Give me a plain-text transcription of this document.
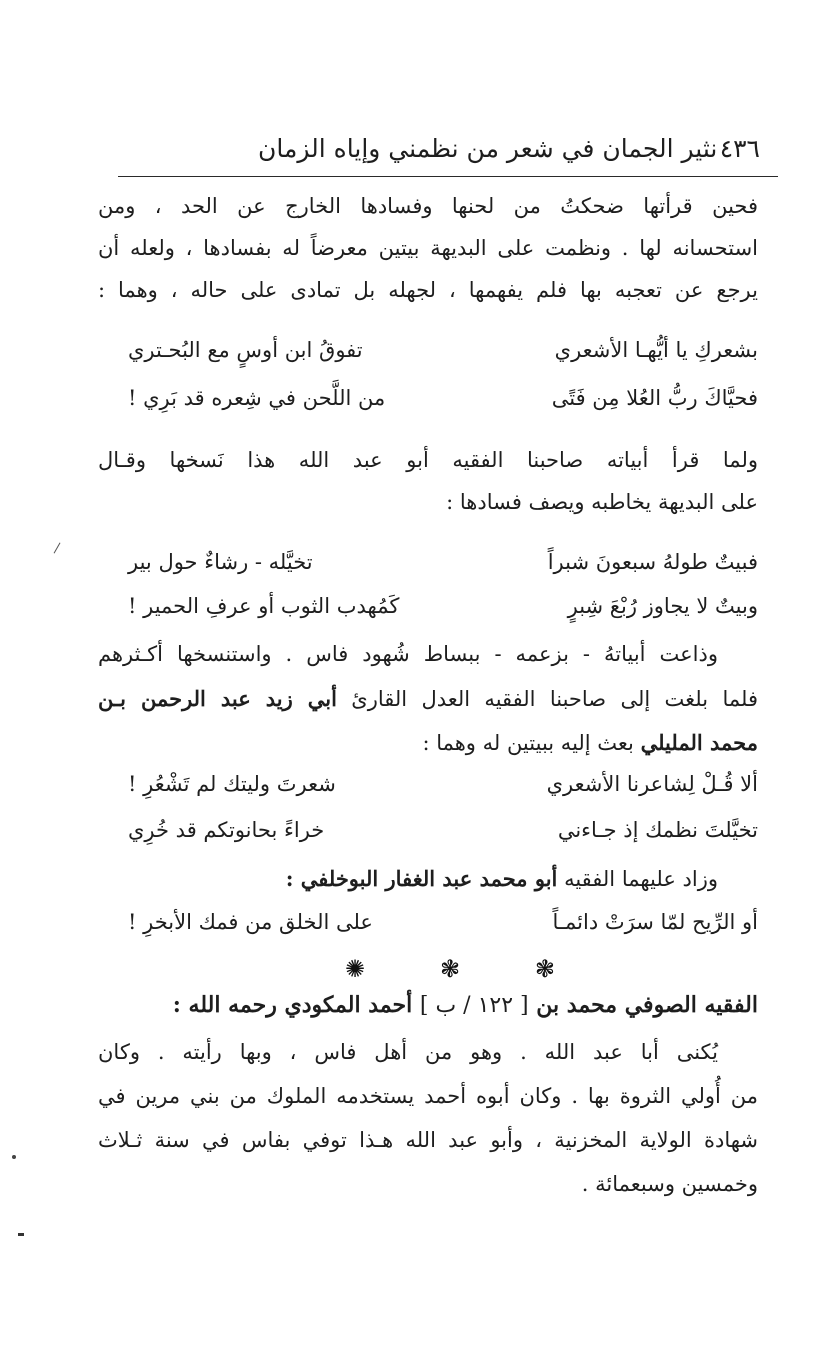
٤٣٦
نثير الجمان في شعر من نظمني وإياه الزمان
فحين قرأتها ضحكتُ من لحنها وفسادها الخارج عن الحد ، ومن
استحسانه لها . ونظمت على البديهة بيتين معرضاً له بفسادها ، ولعله أن
يرجع عن تعجبه بها فلم يفهمها ، لجهله بل تمادى على حاله ، وهما :
بشعركِ يا أيُّهـا الأشعري
تفوقُ ابن أوسٍ مع البُحـتري
فحيَّاكَ ربُّ العُلا مِن فَتًى
من اللَّحن في شِعره قد بَرِي !
ولما قرأ أبياته صاحبنا الفقيه أبو عبد الله هذا نَسخها وقـال
على البديهة يخاطبه ويصف فسادها :
فبيتٌ طولهُ سبعونَ شبراً
تخيَّله - رشاءٌ حول بير
وبيتٌ لا يجاوز رُبْعَ شِبرٍ
كَمُهدب الثوب أو عرفِ الحمير !
وذاعت أبياتهُ - بزعمه - ببساط شُهود فاس . واستنسخها أكـثرهم
فلما بلغت إلى صاحبنا الفقيه العدل القارئ أبي زيد عبد الرحمن بـن
محمد المليلي بعث إليه ببيتين له وهما :
ألا قُـلْ لِشاعرنا الأشعري
شعرتَ وليتك لم تَشْعُرِ !
تخيَّلتَ نظمك إذ جـاءني
خراءً بحانوتكم قد خُرِي
وزاد عليهما الفقيه أبو محمد عبد الغفار البوخلفي :
أو الرِّيح لمّا سرَتْ دائمـاً
على الخلق من فمك الأبخرِ !
❃
❃
✺
الفقيه الصوفي محمد بن [ ١٢٢ / ب ] أحمد المكودي رحمه الله :
يُكنى أبا عبد الله . وهو من أهل فاس ، وبها رأيته . وكان
من أُولي الثروة بها . وكان أبوه أحمد يستخدمه الملوك من بني مرين في
شهادة الولاية المخزنية ، وأبو عبد الله هـذا توفي بفاس في سنة ثـلاث
وخمسين وسبعمائة .
